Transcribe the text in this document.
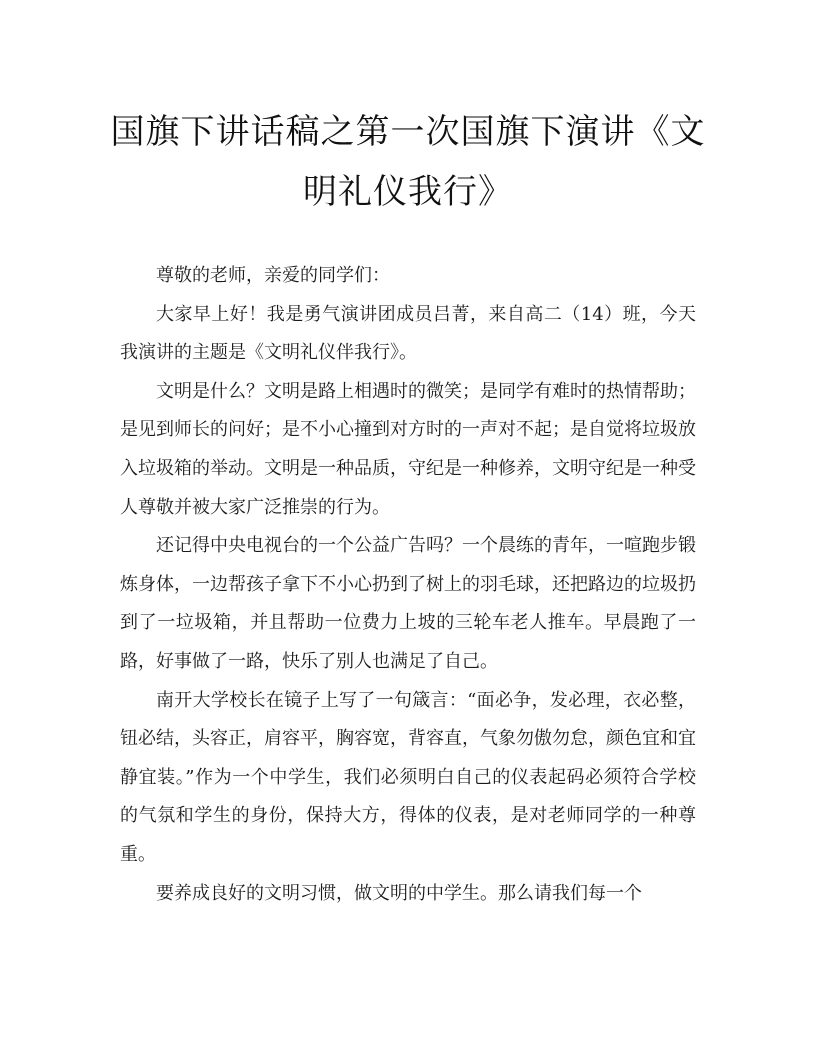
国旗下讲话稿之第一次国旗下演讲《文
明礼仪我行》

尊敬的老师，亲爱的同学们：

大家早上好！我是勇气演讲团成员吕菁，来自高二（14）班，今天我演讲的主题是《文明礼仪伴我行》。

文明是什么？文明是路上相遇时的微笑；是同学有难时的热情帮助；是见到师长的问好；是不小心撞到对方时的一声对不起；是自觉将垃圾放入垃圾箱的举动。文明是一种品质，守纪是一种修养，文明守纪是一种受人尊敬并被大家广泛推崇的行为。

还记得中央电视台的一个公益广告吗？一个晨练的青年，一喧跑步锻炼身体，一边帮孩子拿下不小心扔到了树上的羽毛球，还把路边的垃圾扔到了一垃圾箱，并且帮助一位费力上坡的三轮车老人推车。早晨跑了一路，好事做了一路，快乐了别人也满足了自己。

南开大学校长在镜子上写了一句箴言：“面必争，发必理，衣必整，钮必结，头容正，肩容平，胸容宽，背容直，气象勿傲勿怠，颜色宜和宜静宜装。”作为一个中学生，我们必须明白自己的仪表起码必须符合学校的气氛和学生的身份，保持大方，得体的仪表，是对老师同学的一种尊重。

要养成良好的文明习惯，做文明的中学生。那么请我们每一个
